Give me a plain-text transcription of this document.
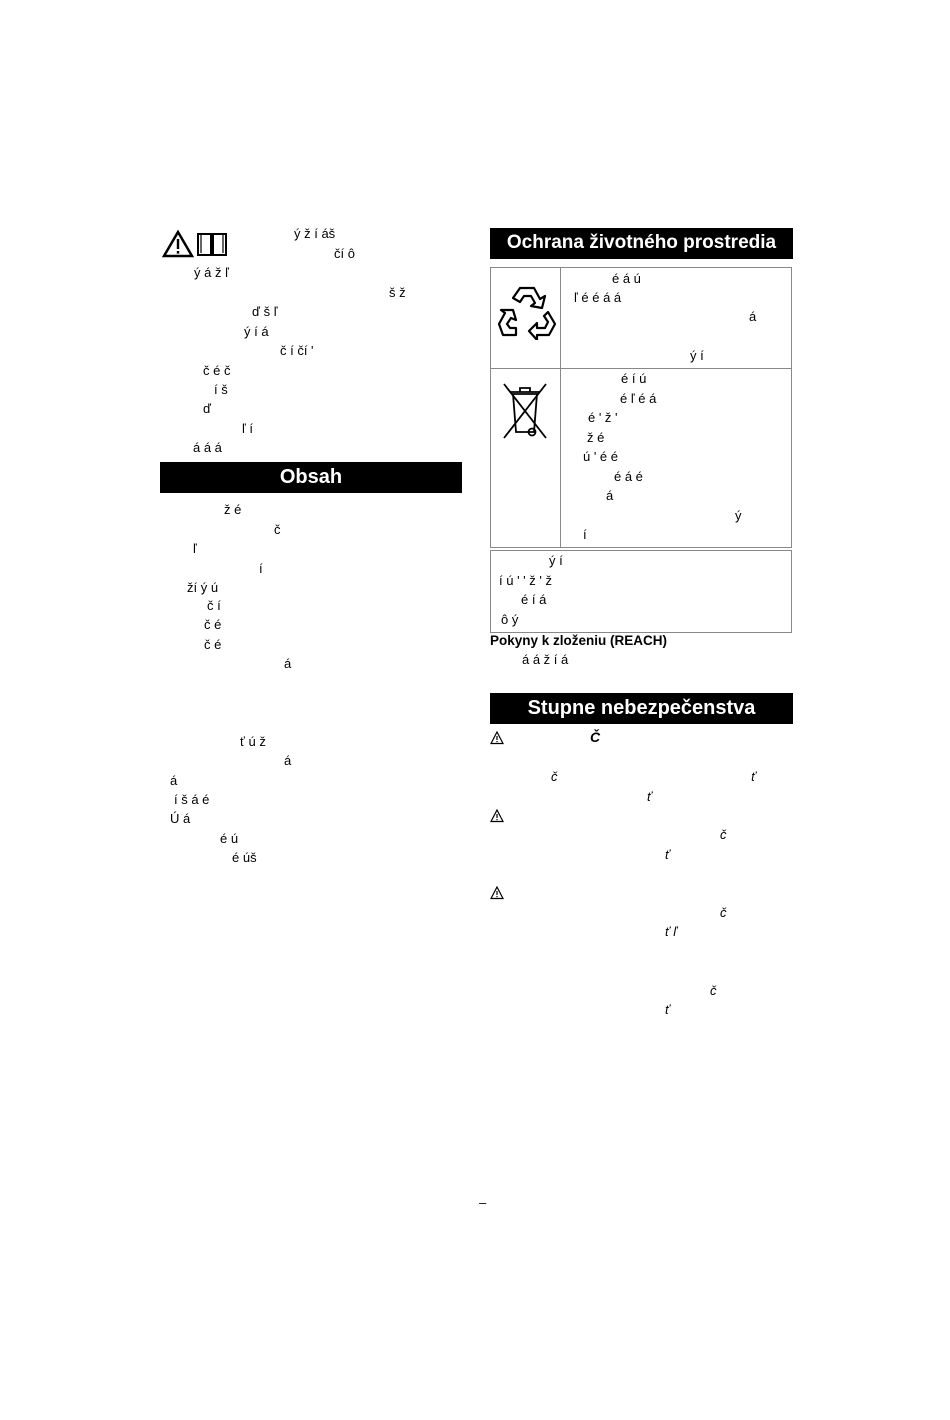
ý ž í áš
čí ô
ý á ž ľ
š ž
ď š ľ
ý í á
č í čí '
č é č
í š
ď
ľ í
á á á
Obsah
ž é
č
ľ
í
ží ý ú
č í
č é
č é
á
ť ú ž
á
á
í š á é
Ú á
é ú
é úš
Ochrana životného prostredia
é á ú
ľ é é á á
á
ý í
é í ú
é ľ é á
é ' ž '
ž é
ú ' é é
é á é
á
ý
í
ý í
í ú ' ' ž ' ž
é í á
ô ý
Pokyny k zloženiu (REACH)
á á ž í á
Stupne nebezpečenstva
Č
č ť
ť
č
ť
č
ť ľ
č
ť
–
